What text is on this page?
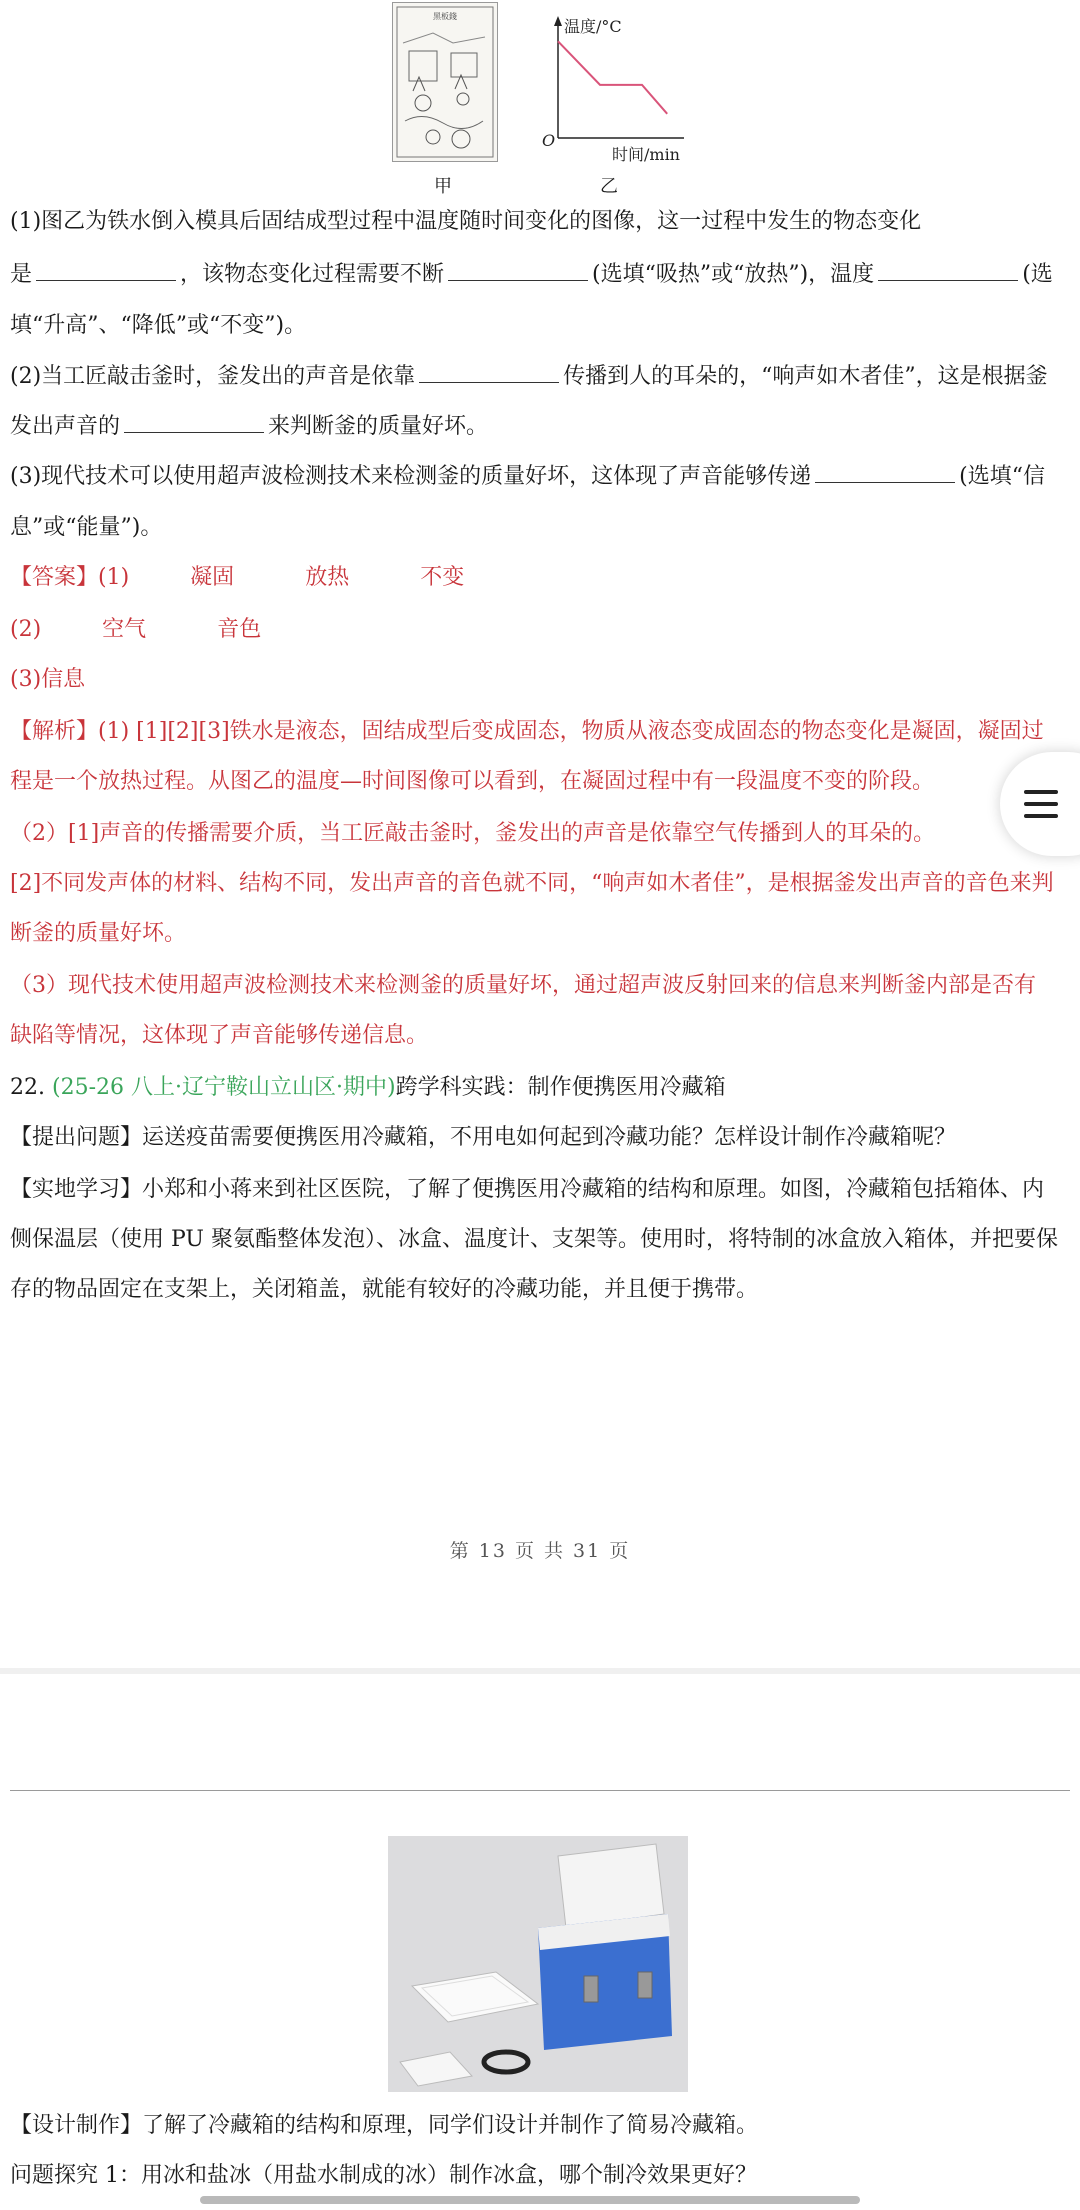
黑板錢
温度/°C
时间/min
O
甲	乙
(1)图乙为铁水倒入模具后固结成型过程中温度随时间变化的图像，这一过程中发生的物态变化
是	，该物态变化过程需要不断	(选填“吸热”或“放热”)，温度	(选
填“升高”、“降低”或“不变”)。
(2)当工匠敲击釜时，釜发出的声音是依靠	传播到人的耳朵的，“响声如木者佳”，这是根据釜
发出声音的	来判断釜的质量好坏。
(3)现代技术可以使用超声波检测技术来检测釜的质量好坏，这体现了声音能够传递	(选填“信
息”或“能量”)。
【答案】(1)	凝固	放热	不变
(2)	空气	音色
(3)信息
【解析】(1) [1][2][3]铁水是液态，固结成型后变成固态，物质从液态变成固态的物态变化是凝固，凝固过
程是一个放热过程。从图乙的温度—时间图像可以看到，在凝固过程中有一段温度不变的阶段。
（2）[1]声音的传播需要介质，当工匠敲击釜时，釜发出的声音是依靠空气传播到人的耳朵的。
[2]不同发声体的材料、结构不同，发出声音的音色就不同，“响声如木者佳”，是根据釜发出声音的音色来判
断釜的质量好坏。
（3）现代技术使用超声波检测技术来检测釜的质量好坏，通过超声波反射回来的信息来判断釜内部是否有
缺陷等情况，这体现了声音能够传递信息。
22. (25-26 八上·辽宁鞍山立山区·期中)跨学科实践：制作便携医用冷藏箱
【提出问题】运送疫苗需要便携医用冷藏箱，不用电如何起到冷藏功能？怎样设计制作冷藏箱呢？
【实地学习】小郑和小蒋来到社区医院，了解了便携医用冷藏箱的结构和原理。如图，冷藏箱包括箱体、内
侧保温层（使用 PU 聚氨酯整体发泡）、冰盒、温度计、支架等。使用时，将特制的冰盒放入箱体，并把要保
存的物品固定在支架上，关闭箱盖，就能有较好的冷藏功能，并且便于携带。
第 13 页 共 31 页
【设计制作】了解了冷藏箱的结构和原理，同学们设计并制作了简易冷藏箱。
问题探究 1：用冰和盐冰（用盐水制成的冰）制作冰盒，哪个制冷效果更好？
